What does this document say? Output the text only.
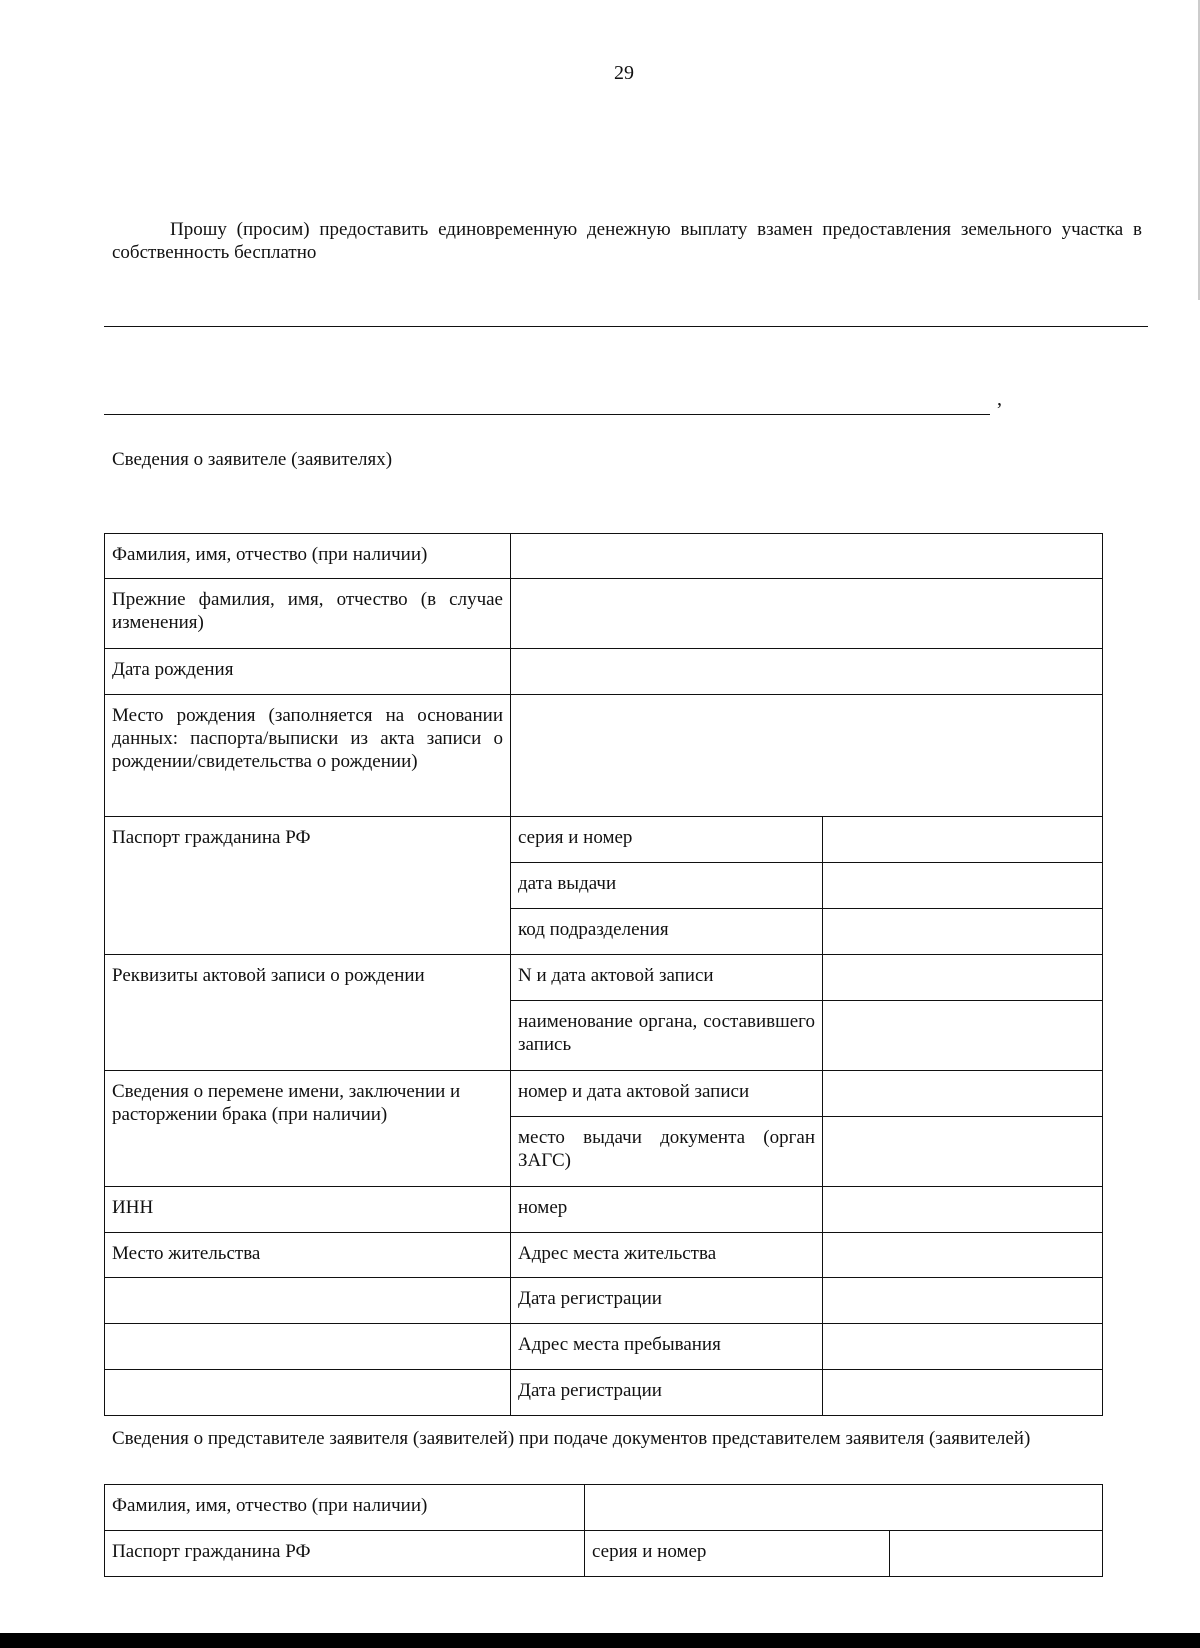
29
Прошу (просим) предоставить единовременную денежную выплату взамен предоставления земельного участка в собственность бесплатно
,
Сведения о заявителе (заявителях)
Фамилия, имя, отчество (при наличии)		
Прежние фамилия, имя, отчество (в случае изменения)		
Дата рождения		
Место рождения (заполняется на основании данных: паспорта/выписки из акта записи о рождении/свидетельства о рождении)		
Паспорт гражданина РФ	серия и номер	
	дата выдачи	
	код подразделения	
Реквизиты актовой записи о рождении	N и дата актовой записи	
	наименование органа, составившего запись	
Сведения о перемене имени, заключении и расторжении брака (при наличии)	номер и дата актовой записи	
	место выдачи документа (орган ЗАГС)	
ИНН	номер	
Место жительства	Адрес места жительства	
	Дата регистрации	
	Адрес места пребывания	
	Дата регистрации	
Сведения о представителе заявителя (заявителей) при подаче документов представителем заявителя (заявителей)
Фамилия, имя, отчество (при наличии)		
Паспорт гражданина РФ	серия и номер	
